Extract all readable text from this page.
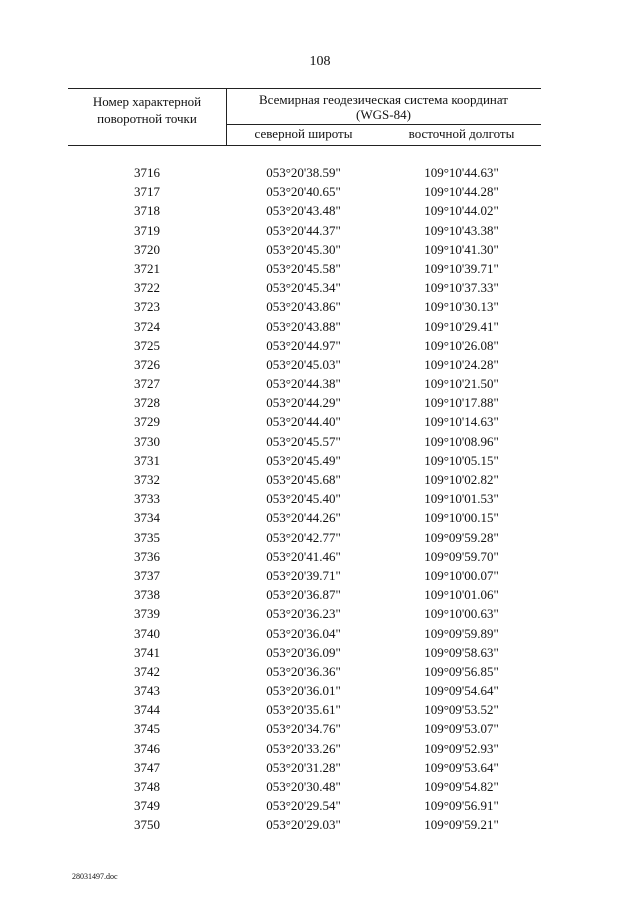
108
Номер характерной
поворотной точки
Всемирная геодезическая система координат
(WGS-84)
северной широты	восточной долготы
3716	053°20'38.59"	109°10'44.63"
3717	053°20'40.65"	109°10'44.28"
3718	053°20'43.48"	109°10'44.02"
3719	053°20'44.37"	109°10'43.38"
3720	053°20'45.30"	109°10'41.30"
3721	053°20'45.58"	109°10'39.71"
3722	053°20'45.34"	109°10'37.33"
3723	053°20'43.86"	109°10'30.13"
3724	053°20'43.88"	109°10'29.41"
3725	053°20'44.97"	109°10'26.08"
3726	053°20'45.03"	109°10'24.28"
3727	053°20'44.38"	109°10'21.50"
3728	053°20'44.29"	109°10'17.88"
3729	053°20'44.40"	109°10'14.63"
3730	053°20'45.57"	109°10'08.96"
3731	053°20'45.49"	109°10'05.15"
3732	053°20'45.68"	109°10'02.82"
3733	053°20'45.40"	109°10'01.53"
3734	053°20'44.26"	109°10'00.15"
3735	053°20'42.77"	109°09'59.28"
3736	053°20'41.46"	109°09'59.70"
3737	053°20'39.71"	109°10'00.07"
3738	053°20'36.87"	109°10'01.06"
3739	053°20'36.23"	109°10'00.63"
3740	053°20'36.04"	109°09'59.89"
3741	053°20'36.09"	109°09'58.63"
3742	053°20'36.36"	109°09'56.85"
3743	053°20'36.01"	109°09'54.64"
3744	053°20'35.61"	109°09'53.52"
3745	053°20'34.76"	109°09'53.07"
3746	053°20'33.26"	109°09'52.93"
3747	053°20'31.28"	109°09'53.64"
3748	053°20'30.48"	109°09'54.82"
3749	053°20'29.54"	109°09'56.91"
3750	053°20'29.03"	109°09'59.21"
28031497.doc
